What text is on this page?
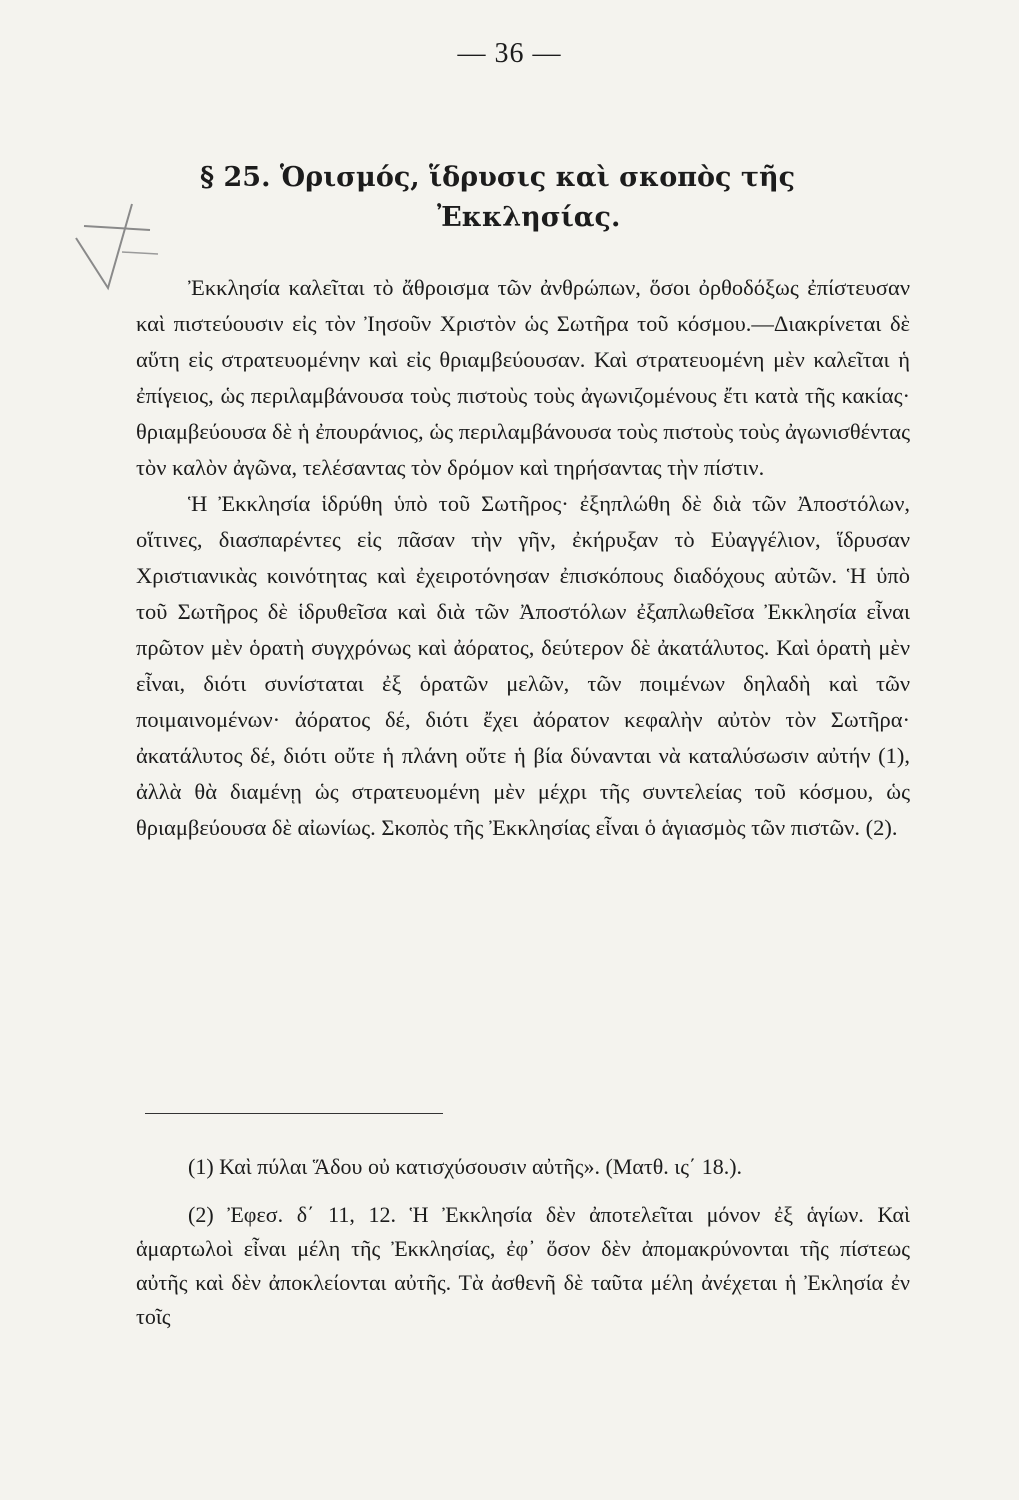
— 36 —

§ 25. Ὁρισμός, ἵδρυσις καὶ σκοπὸς τῆς
Ἐκκλησίας.

Ἐκκλησία καλεῖται τὸ ἄθροισμα τῶν ἀνθρώπων, ὅσοι ὀρθοδόξως ἐπίστευσαν καὶ πιστεύουσιν εἰς τὸν Ἰησοῦν Χριστὸν ὡς Σωτῆρα τοῦ κόσμου.—Διακρίνεται δὲ αὕτη εἰς στρατευομένην καὶ εἰς θριαμβεύουσαν. Καὶ στρατευομένη μὲν καλεῖται ἡ ἐπίγειος, ὡς περιλαμβάνουσα τοὺς πιστοὺς τοὺς ἀγωνιζομένους ἔτι κατὰ τῆς κακίας· θριαμβεύουσα δὲ ἡ ἐπουράνιος, ὡς περιλαμβάνουσα τοὺς πιστοὺς τοὺς ἀγωνισθέντας τὸν καλὸν ἀγῶνα, τελέσαντας τὸν δρόμον καὶ τηρήσαντας τὴν πίστιν.

Ἡ Ἐκκλησία ἱδρύθη ὑπὸ τοῦ Σωτῆρος· ἐξηπλώθη δὲ διὰ τῶν Ἀποστόλων, οἵτινες, διασπαρέντες εἰς πᾶσαν τὴν γῆν, ἐκήρυξαν τὸ Εὐαγγέλιον, ἵδρυσαν Χριστιανικὰς κοινότητας καὶ ἐχειροτόνησαν ἐπισκόπους διαδόχους αὐτῶν. Ἡ ὑπὸ τοῦ Σωτῆρος δὲ ἱδρυθεῖσα καὶ διὰ τῶν Ἀποστόλων ἐξαπλωθεῖσα Ἐκκλησία εἶναι πρῶτον μὲν ὁρατὴ συγχρόνως καὶ ἀόρατος, δεύτερον δὲ ἀκατάλυτος. Καὶ ὁρατὴ μὲν εἶναι, διότι συνίσταται ἐξ ὁρατῶν μελῶν, τῶν ποιμένων δηλαδὴ καὶ τῶν ποιμαινομένων· ἀόρατος δέ, διότι ἔχει ἀόρατον κεφαλὴν αὐτὸν τὸν Σωτῆρα· ἀκατάλυτος δέ, διότι οὔτε ἡ πλάνη οὔτε ἡ βία δύνανται νὰ καταλύσωσιν αὐτήν (1), ἀλλὰ θὰ διαμένῃ ὡς στρατευομένη μὲν μέχρι τῆς συντελείας τοῦ κόσμου, ὡς θριαμβεύουσα δὲ αἰωνίως. Σκοπὸς τῆς Ἐκκλησίας εἶναι ὁ ἁγιασμὸς τῶν πιστῶν. (2).

(1) Καὶ πύλαι Ἅδου οὐ κατισχύσουσιν αὐτῆς». (Ματθ. ις΄ 18.).

(2) Ἐφεσ. δ΄ 11, 12. Ἡ Ἐκκλησία δὲν ἀποτελεῖται μόνον ἐξ ἁγίων. Καὶ ἁμαρτωλοὶ εἶναι μέλη τῆς Ἐκκλησίας, ἐφ᾽ ὅσον δὲν ἀπομακρύνονται τῆς πίστεως αὐτῆς καὶ δὲν ἀποκλείονται αὐτῆς. Τὰ ἀσθενῆ δὲ ταῦτα μέλη ἀνέχεται ἡ Ἐκλησία ἐν τοῖς
